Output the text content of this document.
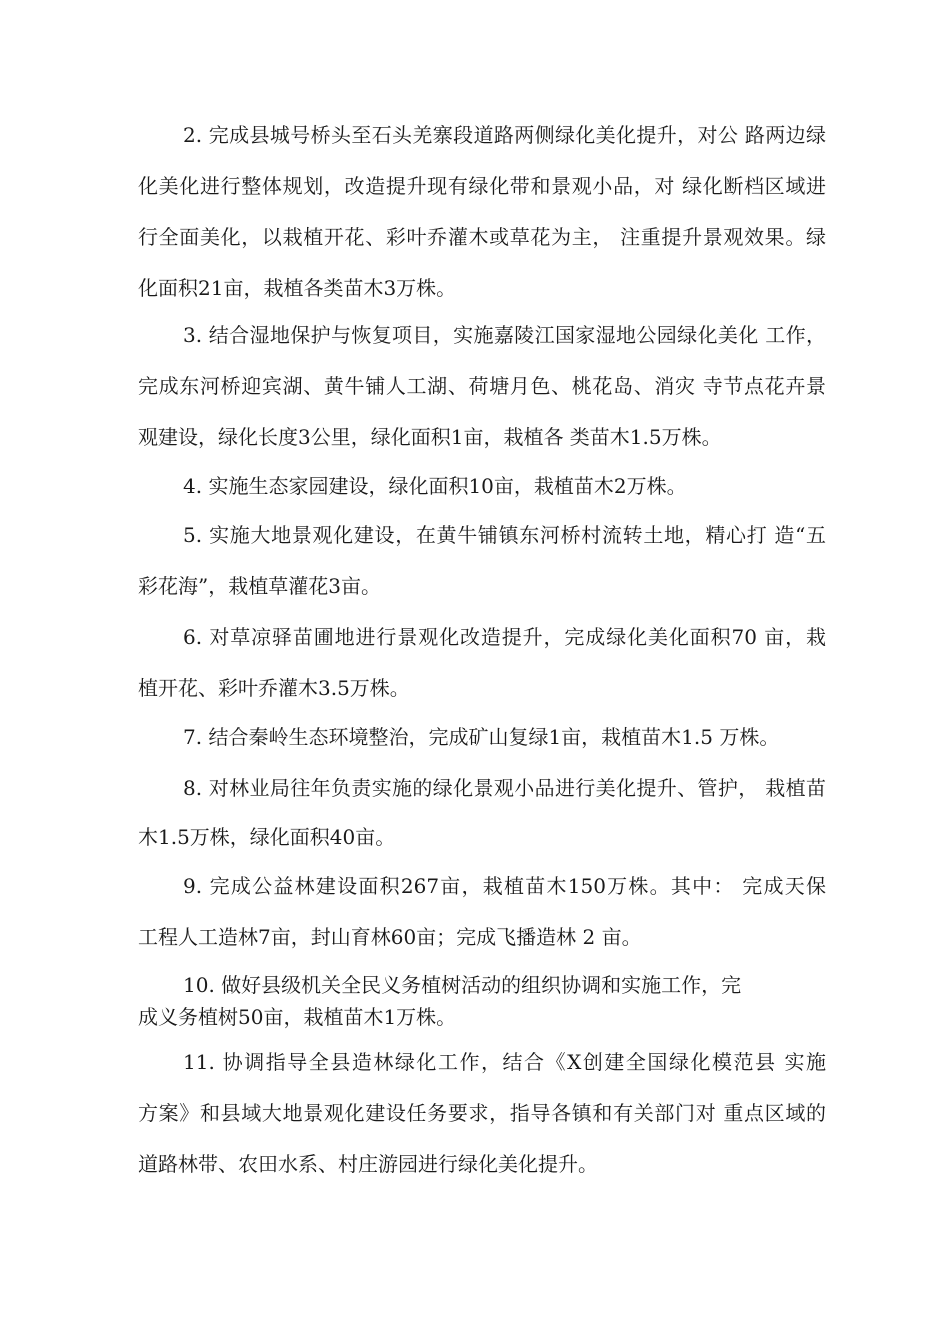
2. 完成县城号桥头至石头羌寨段道路两侧绿化美化提升，对公 路两边绿
化美化进行整体规划，改造提升现有绿化带和景观小品，对 绿化断档区域进
行全面美化，以栽植开花、彩叶乔灌木或草花为主， 注重提升景观效果。绿
化面积21亩，栽植各类苗木3万株。
3. 结合湿地保护与恢复项目，实施嘉陵江国家湿地公园绿化美化 工作，
完成东河桥迎宾湖、黄牛铺人工湖、荷塘月色、桃花岛、消灾 寺节点花卉景
观建设，绿化长度3公里，绿化面积1亩，栽植各 类苗木1.5万株。
4. 实施生态家园建设，绿化面积10亩，栽植苗木2万株。
5. 实施大地景观化建设，在黄牛铺镇东河桥村流转土地，精心打 造“五
彩花海”，栽植草灌花3亩。
6. 对草凉驿苗圃地进行景观化改造提升，完成绿化美化面积70 亩，栽
植开花、彩叶乔灌木3.5万株。
7. 结合秦岭生态环境整治，完成矿山复绿1亩，栽植苗木1.5 万株。
8. 对林业局往年负责实施的绿化景观小品进行美化提升、管护， 栽植苗
木1.5万株，绿化面积40亩。
9. 完成公益林建设面积267亩，栽植苗木150万株。其中： 完成天保
工程人工造林7亩，封山育林60亩；完成飞播造林 2 亩。
10. 做好县级机关全民义务植树活动的组织协调和实施工作，完
成义务植树50亩，栽植苗木1万株。
11. 协调指导全县造林绿化工作，结合《X创建全国绿化模范县 实施
方案》和县域大地景观化建设任务要求，指导各镇和有关部门对 重点区域的
道路林带、农田水系、村庄游园进行绿化美化提升。
